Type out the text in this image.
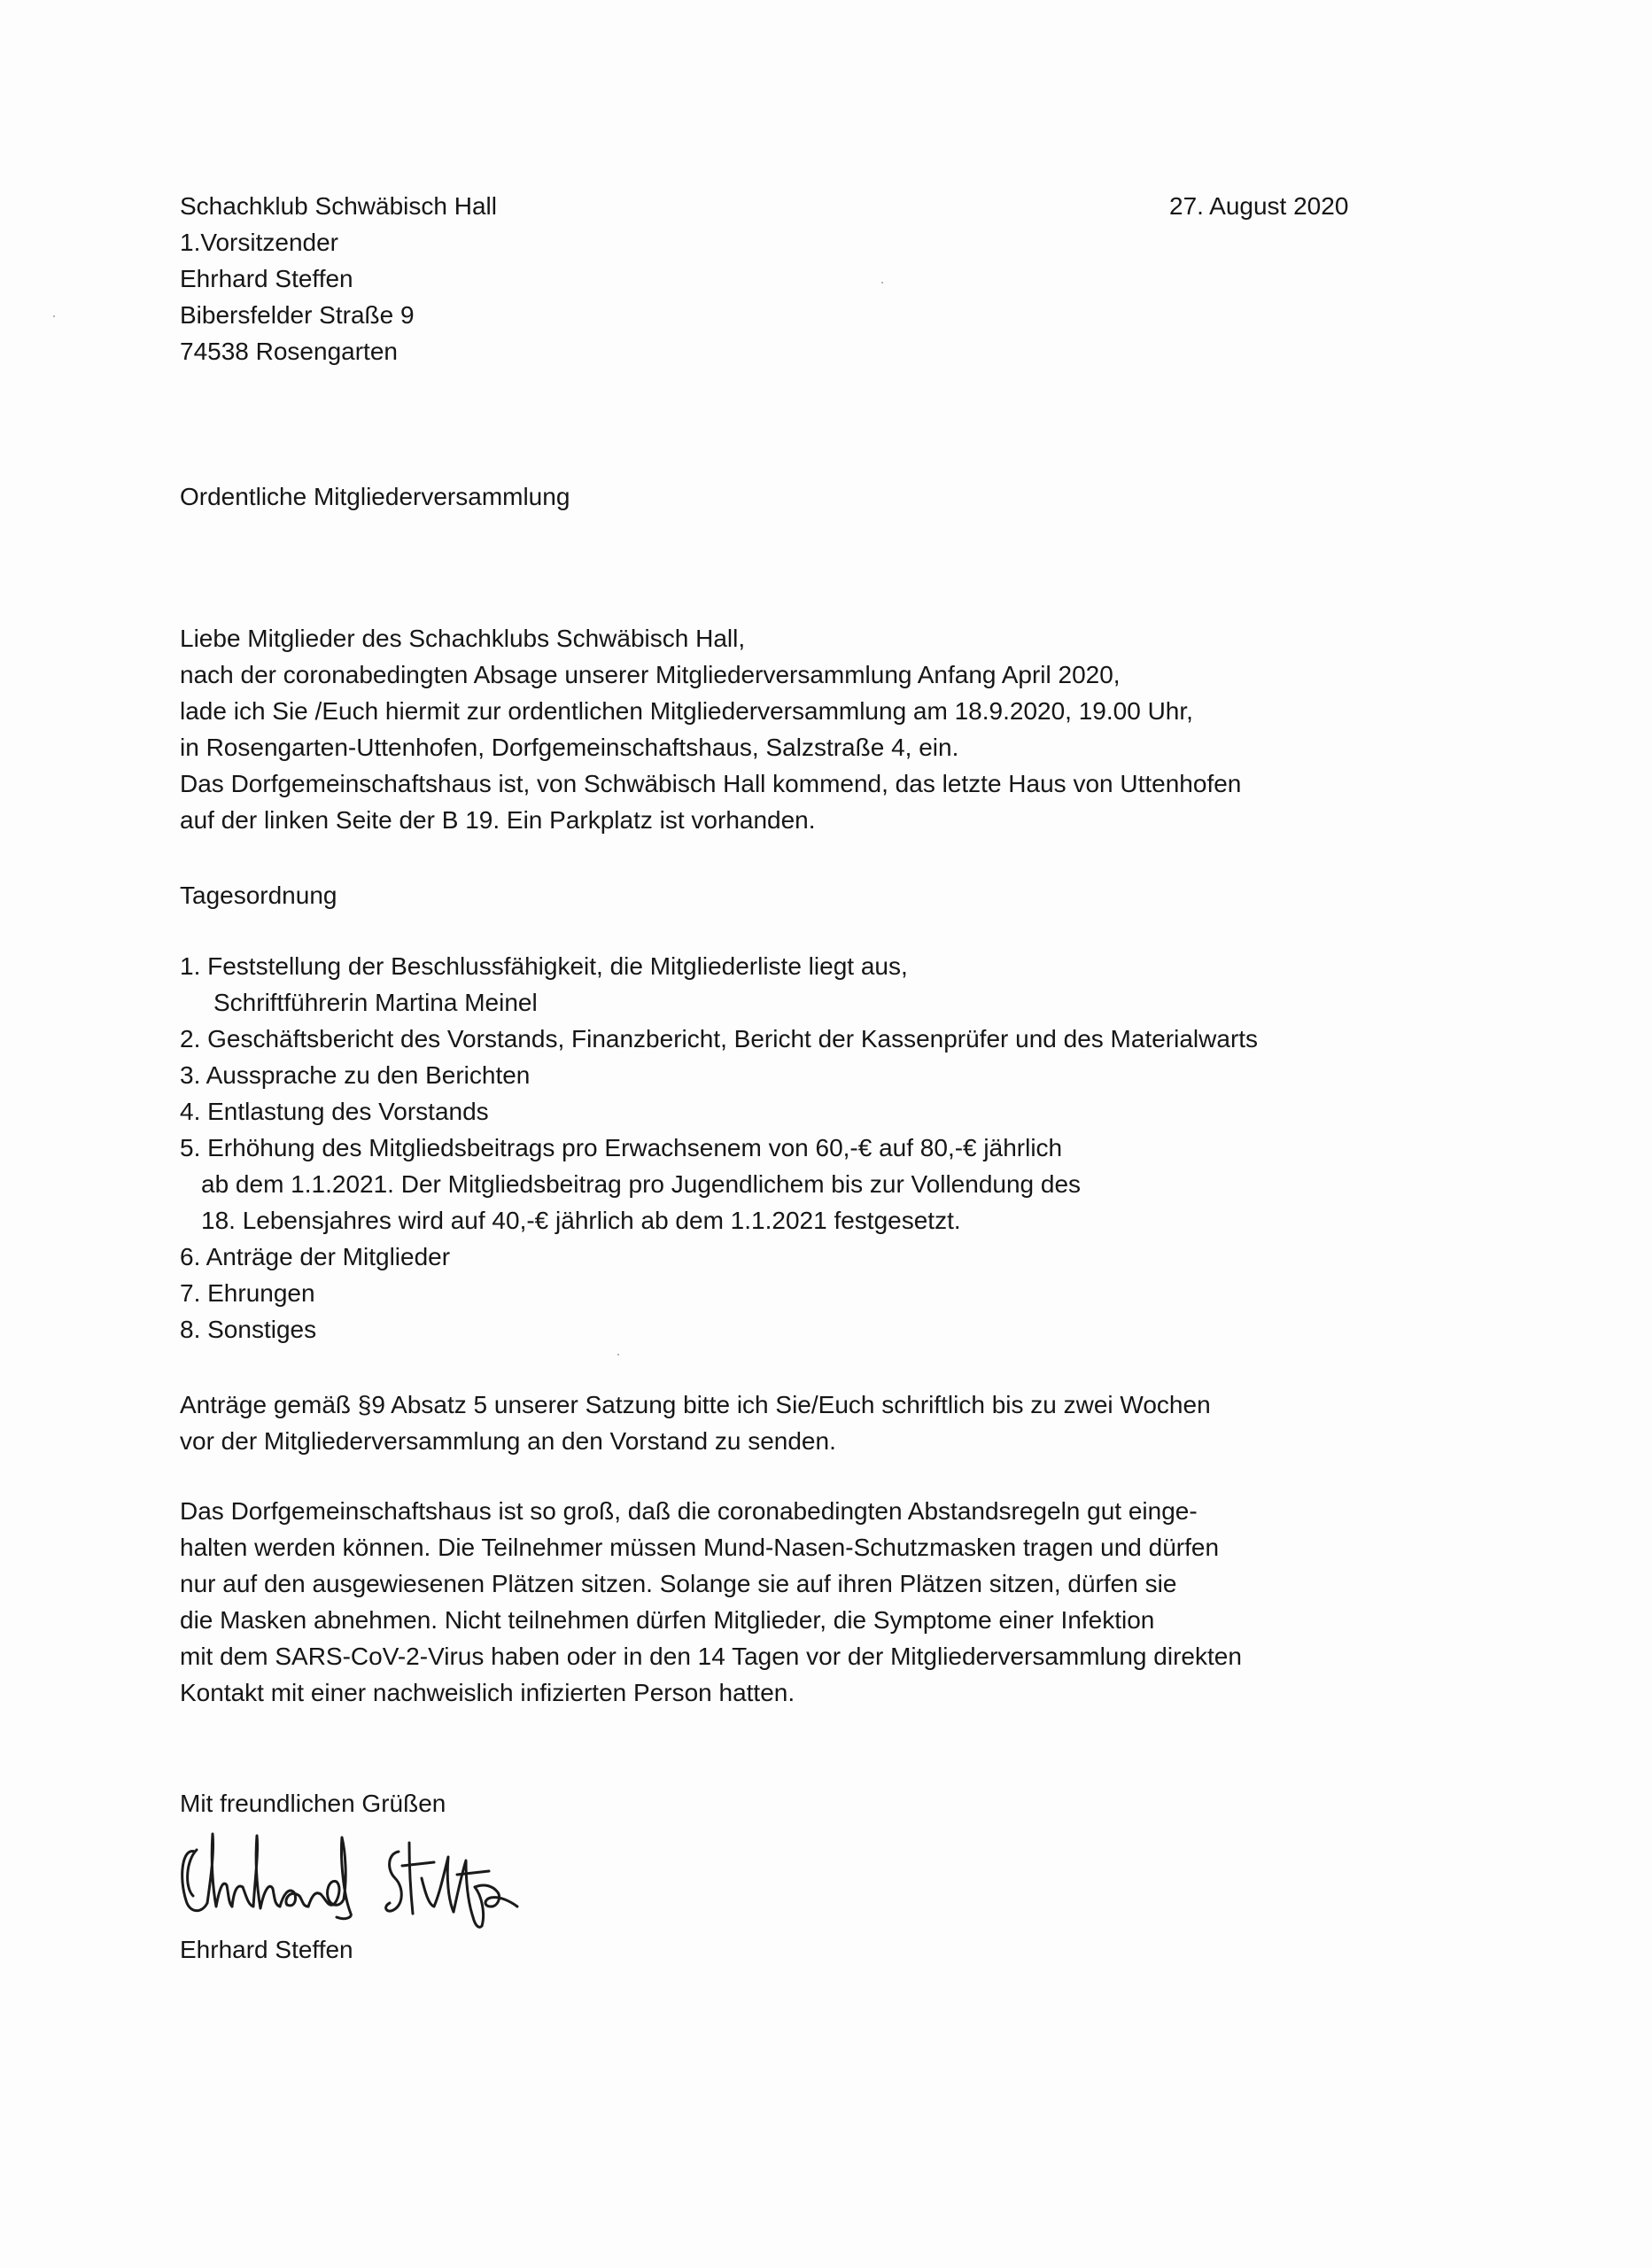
Schachklub Schwäbisch Hall
1.Vorsitzender
Ehrhard Steffen
Bibersfelder Straße 9
74538 Rosengarten
27. August 2020
Ordentliche Mitgliederversammlung
Liebe Mitglieder des Schachklubs Schwäbisch Hall,
nach der coronabedingten Absage unserer Mitgliederversammlung Anfang April 2020,
lade ich Sie /Euch hiermit zur ordentlichen Mitgliederversammlung am 18.9.2020, 19.00 Uhr,
in Rosengarten-Uttenhofen, Dorfgemeinschaftshaus, Salzstraße 4, ein.
Das Dorfgemeinschaftshaus ist, von Schwäbisch Hall kommend, das letzte Haus von Uttenhofen
auf der linken Seite der B 19. Ein Parkplatz ist vorhanden.
Tagesordnung
1. Feststellung der Beschlussfähigkeit, die Mitgliederliste liegt aus,
Schriftführerin Martina Meinel
2. Geschäftsbericht des Vorstands, Finanzbericht, Bericht der Kassenprüfer und des Materialwarts
3. Aussprache zu den Berichten
4. Entlastung des Vorstands
5. Erhöhung des Mitgliedsbeitrags pro Erwachsenem von 60,-€ auf 80,-€ jährlich
ab dem 1.1.2021. Der Mitgliedsbeitrag pro Jugendlichem bis zur Vollendung des
18. Lebensjahres wird auf 40,-€ jährlich ab dem 1.1.2021 festgesetzt.
6. Anträge der Mitglieder
7. Ehrungen
8. Sonstiges
Anträge gemäß §9 Absatz 5 unserer Satzung bitte ich Sie/Euch schriftlich bis zu zwei Wochen
vor der Mitgliederversammlung an den Vorstand zu senden.
Das Dorfgemeinschaftshaus ist so groß, daß die coronabedingten Abstandsregeln gut einge-
halten werden können. Die Teilnehmer müssen Mund-Nasen-Schutzmasken tragen und dürfen
nur auf den ausgewiesenen Plätzen sitzen. Solange sie auf ihren Plätzen sitzen, dürfen sie
die Masken abnehmen. Nicht teilnehmen dürfen Mitglieder, die Symptome einer Infektion
mit dem SARS-CoV-2-Virus haben oder in den 14 Tagen vor der Mitgliederversammlung direkten
Kontakt mit einer nachweislich infizierten Person hatten.
Mit freundlichen Grüßen
Ehrhard Steffen
